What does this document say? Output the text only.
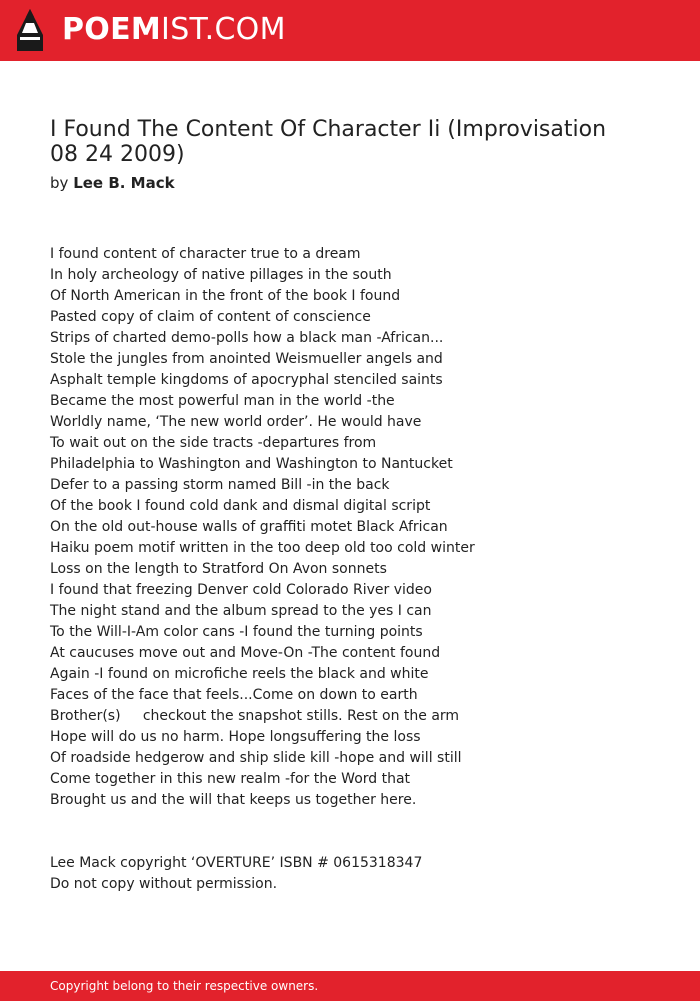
POEMIST.COM
I Found The Content Of Character Ii (Improvisation 08 24 2009)
by Lee B. Mack
I found content of character true to a dream
In holy archeology of native pillages in the south
Of North American in the front of the book I found
Pasted copy of claim of content of conscience
Strips of charted demo-polls how a black man -African...
Stole the jungles from anointed Weismueller angels and
Asphalt temple kingdoms of apocryphal stenciled saints
Became the most powerful man in the world -the
Worldly name, ‘The new world order’. He would have
To wait out on the side tracts -departures from
Philadelphia to Washington and Washington to Nantucket
Defer to a passing storm named Bill -in the back
Of the book I found cold dank and dismal digital script
On the old out-house walls of graffiti motet Black African
Haiku poem motif written in the too deep old too cold winter
Loss on the length to Stratford On Avon sonnets
I found that freezing Denver cold Colorado River video
The night stand and the album spread to the yes I can
To the Will-I-Am color cans -I found the turning points
At caucuses move out and Move-On -The content found
Again -I found on microfiche reels the black and white
Faces of the face that feels...Come on down to earth
Brother(s)     checkout the snapshot stills. Rest on the arm
Hope will do us no harm. Hope longsuffering the loss
Of roadside hedgerow and ship slide kill -hope and will still
Come together in this new realm -for the Word that
Brought us and the will that keeps us together here.
Lee Mack copyright ‘OVERTURE’ ISBN # 0615318347
Do not copy without permission.
Copyright belong to their respective owners.
